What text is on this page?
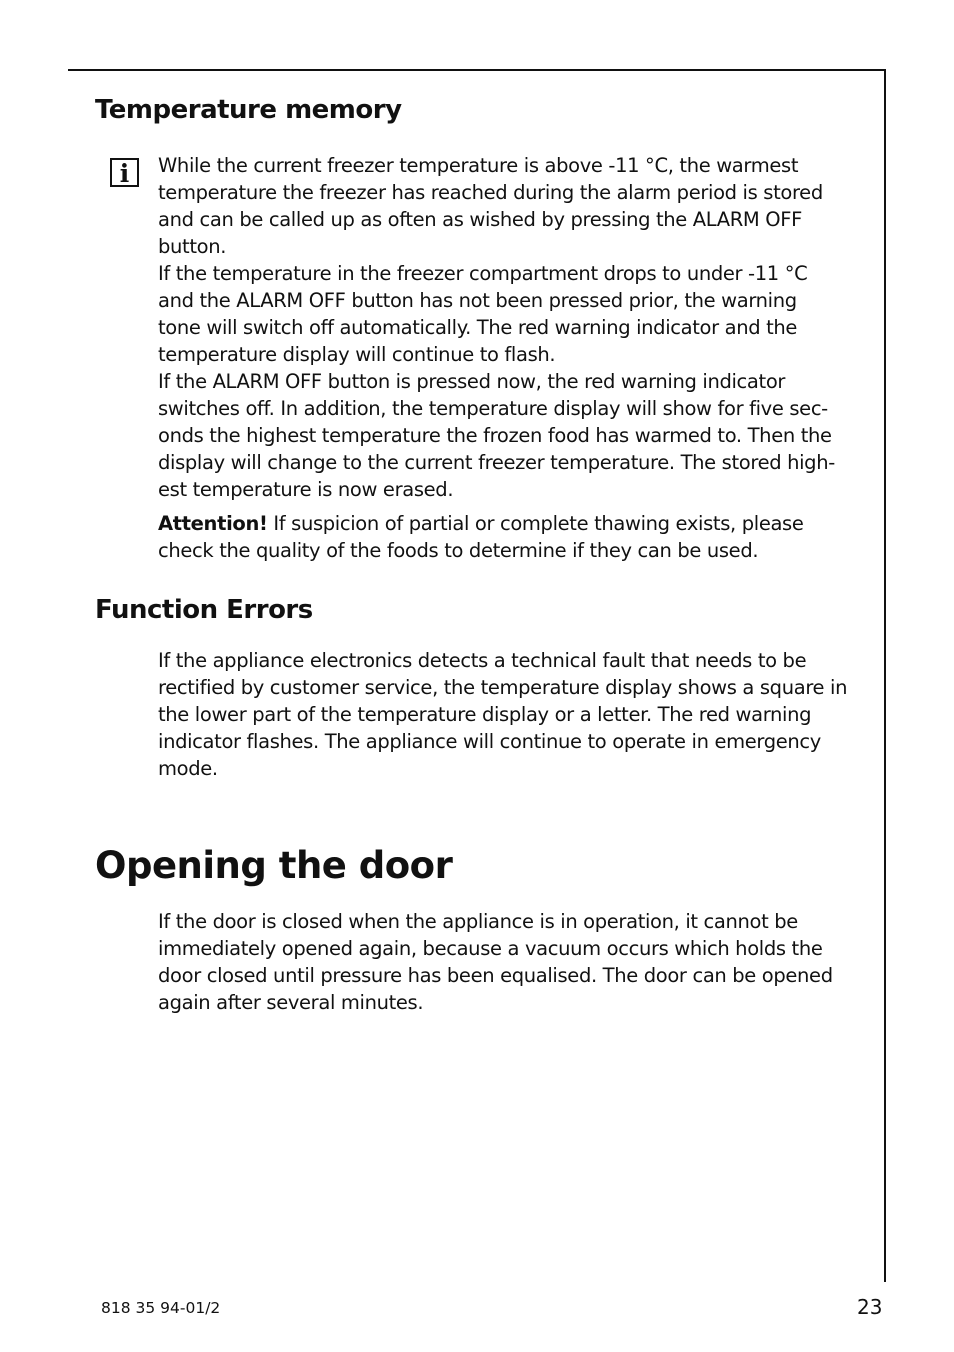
Temperature memory
i	While the current freezer temperature is above -11 °C, the warmest
temperature the freezer has reached during the alarm period is stored
and can be called up as often as wished by pressing the ALARM OFF
button.

If the temperature in the freezer compartment drops to under -11 °C
and the ALARM OFF button has not been pressed prior, the warning
tone will switch off automatically. The red warning indicator and the
temperature display will continue to flash.

If the ALARM OFF button is pressed now, the red warning indicator
switches off. In addition, the temperature display will show for five sec-
onds the highest temperature the frozen food has warmed to. Then the
display will change to the current freezer temperature. The stored high-
est temperature is now erased.

Attention! If suspicion of partial or complete thawing exists, please
check the quality of the foods to determine if they can be used.

Function Errors

If the appliance electronics detects a technical fault that needs to be
rectified by customer service, the temperature display shows a square in
the lower part of the temperature display or a letter. The red warning
indicator flashes. The appliance will continue to operate in emergency
mode.

Opening the door

If the door is closed when the appliance is in operation, it cannot be
immediately opened again, because a vacuum occurs which holds the
door closed until pressure has been equalised. The door can be opened
again after several minutes.

818 35 94-01/2	23
